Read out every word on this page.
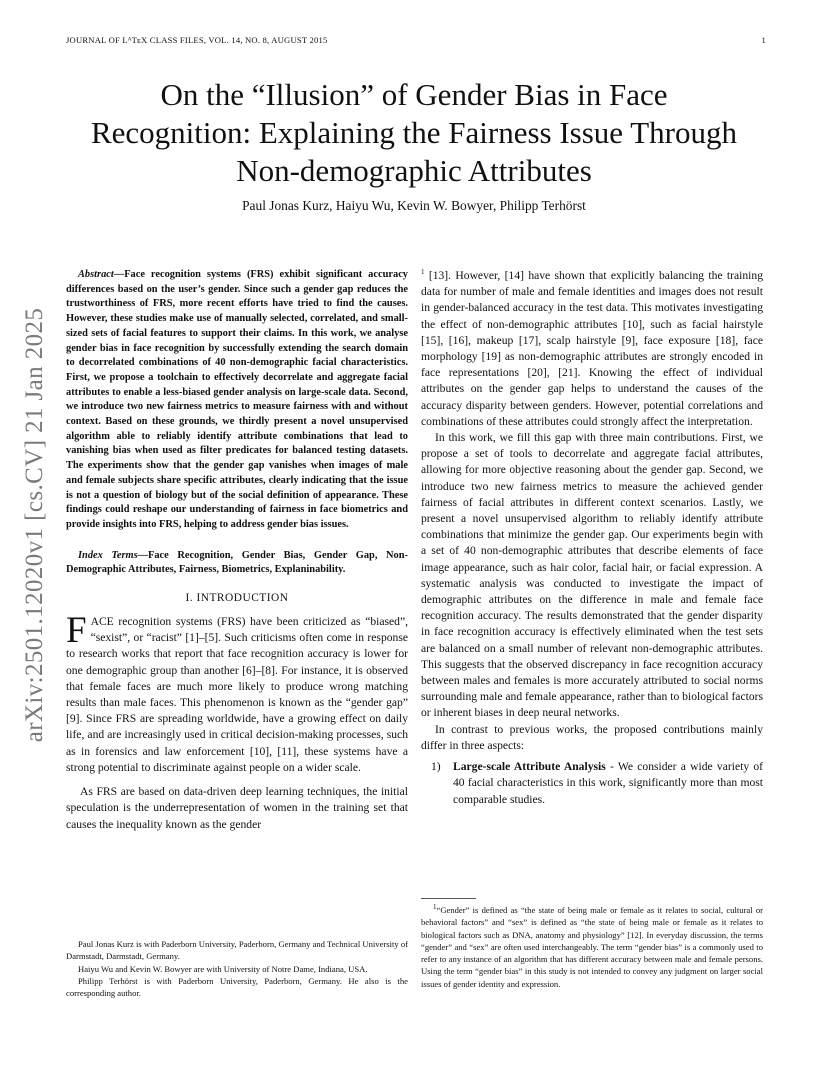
JOURNAL OF LᴬTᴇX CLASS FILES, VOL. 14, NO. 8, AUGUST 2015	1
arXiv:2501.12020v1 [cs.CV] 21 Jan 2025
On the “Illusion” of Gender Bias in Face
Recognition: Explaining the Fairness Issue Through
Non-demographic Attributes
Paul Jonas Kurz, Haiyu Wu, Kevin W. Bowyer, Philipp Terhörst

Abstract—Face recognition systems (FRS) exhibit significant accuracy differences based on the user’s gender. Since such a gender gap reduces the trustworthiness of FRS, more recent efforts have tried to find the causes. However, these studies make use of manually selected, correlated, and small-sized sets of facial features to support their claims. In this work, we analyse gender bias in face recognition by successfully extending the search domain to decorrelated combinations of 40 non-demographic facial characteristics. First, we propose a toolchain to effectively decorrelate and aggregate facial attributes to enable a less-biased gender analysis on large-scale data. Second, we introduce two new fairness metrics to measure fairness with and without context. Based on these grounds, we thirdly present a novel unsupervised algorithm able to reliably identify attribute combinations that lead to vanishing bias when used as filter predicates for balanced testing datasets. The experiments show that the gender gap vanishes when images of male and female subjects share specific attributes, clearly indicating that the issue is not a question of biology but of the social definition of appearance. These findings could reshape our understanding of fairness in face biometrics and provide insights into FRS, helping to address gender bias issues.

Index Terms—Face Recognition, Gender Bias, Gender Gap, Non-Demographic Attributes, Fairness, Biometrics, Explaninability.

I. INTRODUCTION

FACE recognition systems (FRS) have been criticized as “biased”, “sexist”, or “racist” [1]–[5]. Such criticisms often come in response to research works that report that face recognition accuracy is lower for one demographic group than another [6]–[8]. For instance, it is observed that female faces are much more likely to produce wrong matching results than male faces. This phenomenon is known as the “gender gap” [9]. Since FRS are spreading worldwide, have a growing effect on daily life, and are increasingly used in critical decision-making processes, such as in forensics and law enforcement [10], [11], these systems have a strong potential to discriminate against people on a wider scale.

As FRS are based on data-driven deep learning techniques, the initial speculation is the underrepresentation of women in the training set that causes the inequality known as the gender

$^1$ [13]. However, [14] have shown that explicitly balancing the training data for number of male and female identities and images does not result in gender-balanced accuracy in the test data. This motivates investigating the effect of non-demographic attributes [10], such as facial hairstyle [15], [16], makeup [17], scalp hairstyle [9], face exposure [18], face morphology [19] as non-demographic attributes are strongly encoded in face representations [20], [21]. Knowing the effect of individual attributes on the gender gap helps to understand the causes of the accuracy disparity between genders. However, potential correlations and combinations of these attributes could strongly affect the interpretation.

In this work, we fill this gap with three main contributions. First, we propose a set of tools to decorrelate and aggregate facial attributes, allowing for more objective reasoning about the gender gap. Second, we introduce two new fairness metrics to measure the achieved gender fairness of facial attributes in different context scenarios. Lastly, we present a novel unsupervised algorithm to reliably identify attribute combinations that minimize the gender gap. Our experiments begin with a set of 40 non-demographic attributes that describe elements of face image appearance, such as hair color, facial hair, or facial expression. A systematic analysis was conducted to investigate the impact of demographic attributes on the difference in male and female face recognition accuracy. The results demonstrated that the gender disparity in face recognition accuracy is effectively eliminated when the test sets are balanced on a small number of relevant non-demographic attributes. This suggests that the observed discrepancy in face recognition accuracy between males and females is more accurately attributed to social norms surrounding male and female appearance, rather than to biological factors or inherent biases in deep neural networks.

In contrast to previous works, the proposed contributions mainly differ in three aspects:

1)	Large-scale Attribute Analysis - We consider a wide variety of 40 facial characteristics in this work, significantly more than most comparable studies.

$^1$“Gender” is defined as “the state of being male or female as it relates to social, cultural or behavioral factors” and “sex” is defined as “the state of being male or female as it relates to biological factors such as DNA, anatomy and physiology” [12]. In everyday discussion, the terms “gender” and “sex” are often used interchangeably. The term “gender bias” is a commonly used to refer to any instance of an algorithm that has different accuracy between male and female persons. Using the term “gender bias” in this study is not intended to convey any judgment on larger social issues of gender identity and expression.

Paul Jonas Kurz is with Paderborn University, Paderborn, Germany and Technical University of Darmstadt, Darmstadt, Germany.

Haiyu Wu and Kevin W. Bowyer are with University of Notre Dame, Indiana, USA.

Philipp Terhörst is with Paderborn University, Paderborn, Germany. He also is the corresponding author.
